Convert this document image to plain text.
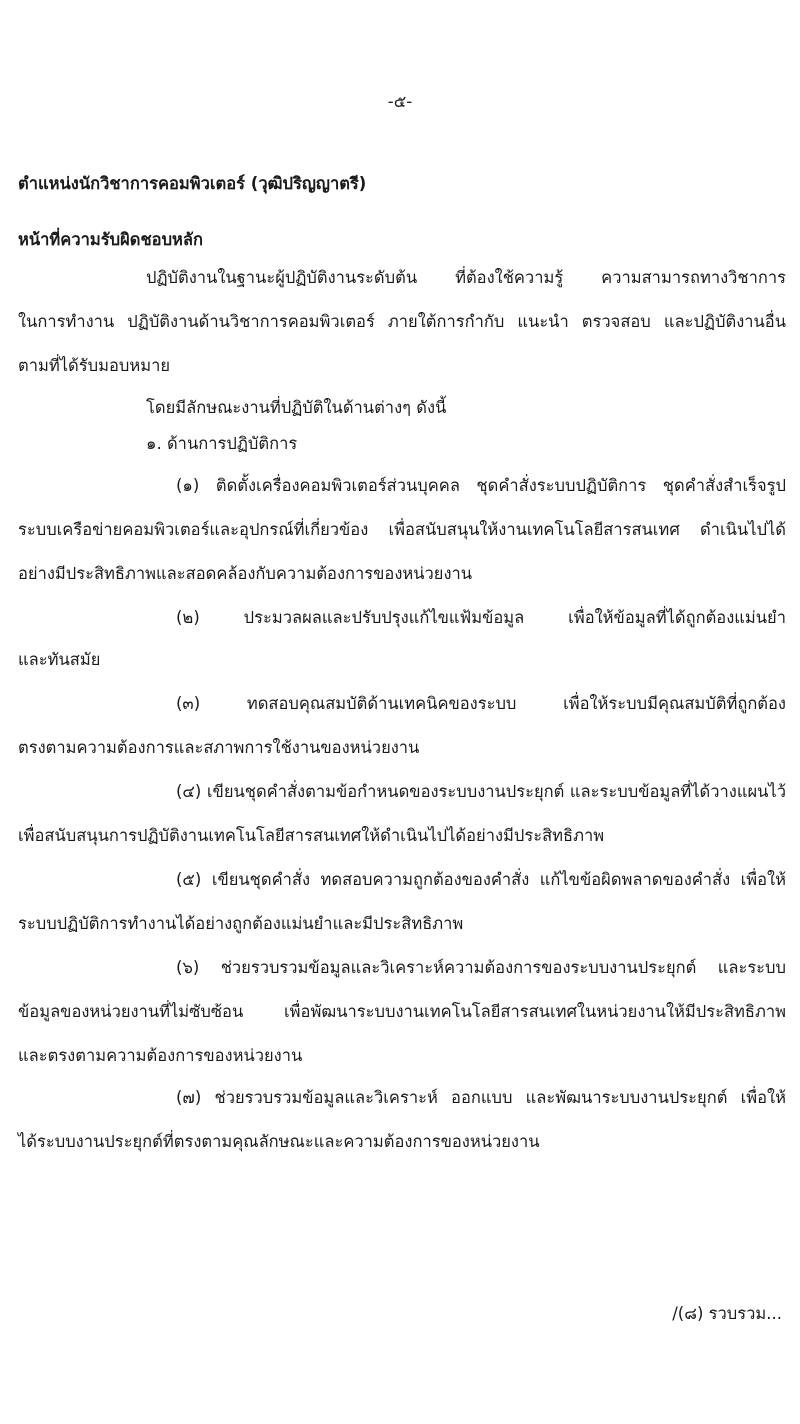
-๕-
ตำแหน่งนักวิชาการคอมพิวเตอร์ (วุฒิปริญญาตรี)
หน้าที่ความรับผิดชอบหลัก
ปฏิบัติงานในฐานะผู้ปฏิบัติงานระดับต้น ที่ต้องใช้ความรู้ ความสามารถทางวิชาการ
ในการทำงาน ปฏิบัติงานด้านวิชาการคอมพิวเตอร์ ภายใต้การกำกับ แนะนำ ตรวจสอบ และปฏิบัติงานอื่น
ตามที่ได้รับมอบหมาย
โดยมีลักษณะงานที่ปฏิบัติในด้านต่างๆ ดังนี้
๑. ด้านการปฏิบัติการ
(๑) ติดตั้งเครื่องคอมพิวเตอร์ส่วนบุคคล ชุดคำสั่งระบบปฏิบัติการ ชุดคำสั่งสำเร็จรูป
ระบบเครือข่ายคอมพิวเตอร์และอุปกรณ์ที่เกี่ยวข้อง เพื่อสนับสนุนให้งานเทคโนโลยีสารสนเทศ ดำเนินไปได้
อย่างมีประสิทธิภาพและสอดคล้องกับความต้องการของหน่วยงาน
(๒) ประมวลผลและปรับปรุงแก้ไขแฟ้มข้อมูล เพื่อให้ข้อมูลที่ได้ถูกต้องแม่นยำ
และทันสมัย
(๓) ทดสอบคุณสมบัติด้านเทคนิคของระบบ เพื่อให้ระบบมีคุณสมบัติที่ถูกต้อง
ตรงตามความต้องการและสภาพการใช้งานของหน่วยงาน
(๔) เขียนชุดคำสั่งตามข้อกำหนดของระบบงานประยุกต์ และระบบข้อมูลที่ได้วางแผนไว้
เพื่อสนับสนุนการปฏิบัติงานเทคโนโลยีสารสนเทศให้ดำเนินไปได้อย่างมีประสิทธิภาพ
(๕) เขียนชุดคำสั่ง ทดสอบความถูกต้องของคำสั่ง แก้ไขข้อผิดพลาดของคำสั่ง เพื่อให้
ระบบปฏิบัติการทำงานได้อย่างถูกต้องแม่นยำและมีประสิทธิภาพ
(๖) ช่วยรวบรวมข้อมูลและวิเคราะห์ความต้องการของระบบงานประยุกต์ และระบบ
ข้อมูลของหน่วยงานที่ไม่ซับซ้อน เพื่อพัฒนาระบบงานเทคโนโลยีสารสนเทศในหน่วยงานให้มีประสิทธิภาพ
และตรงตามความต้องการของหน่วยงาน
(๗) ช่วยรวบรวมข้อมูลและวิเคราะห์ ออกแบบ และพัฒนาระบบงานประยุกต์ เพื่อให้
ได้ระบบงานประยุกต์ที่ตรงตามคุณลักษณะและความต้องการของหน่วยงาน
/(๘) รวบรวม...
